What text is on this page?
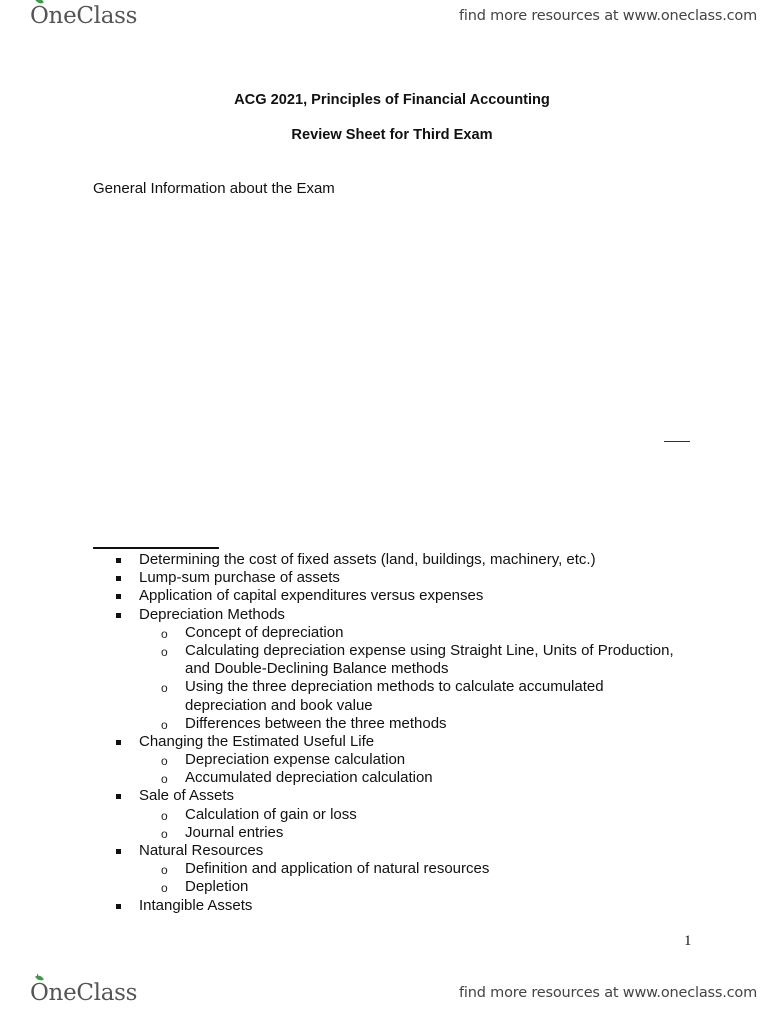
OneClass	find more resources at www.oneclass.com
ACG 2021, Principles of Financial Accounting
Review Sheet for Third Exam
General Information about the Exam
Determining the cost of fixed assets (land, buildings, machinery, etc.)
Lump-sum purchase of assets
Application of capital expenditures versus expenses
Depreciation Methods
o Concept of depreciation
o Calculating depreciation expense using Straight Line, Units of Production,
and Double-Declining Balance methods
o Using the three depreciation methods to calculate accumulated
depreciation and book value
o Differences between the three methods
Changing the Estimated Useful Life
o Depreciation expense calculation
o Accumulated depreciation calculation
Sale of Assets
o Calculation of gain or loss
o Journal entries
Natural Resources
o Definition and application of natural resources
o Depletion
Intangible Assets
1
OneClass	find more resources at www.oneclass.com
